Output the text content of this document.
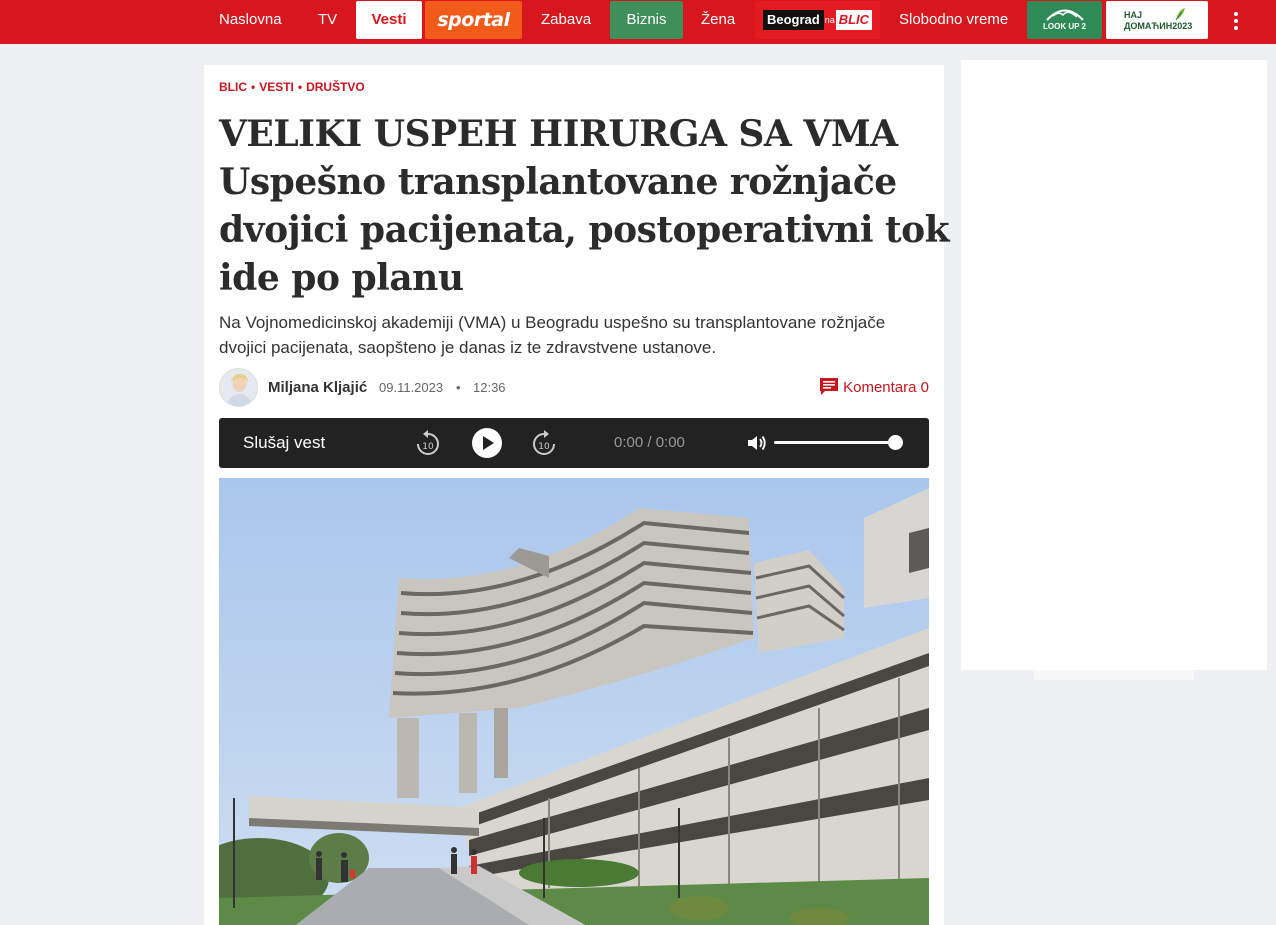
Naslovna TV	Vesti	sportal	Zabava	Biznis	Žena	Beograd na BLIC	Slobodno vreme	LOOK UP 2
НАЈ
ДОМАЋИН2023
BLIC • VESTI • DRUŠTVO
VELIKI USPEH HIRURGA SA VMA
Uspešno transplantovane rožnjače
dvojici pacijenata, postoperativni tok
ide po planu

Na Vojnomedicinskoj akademiji (VMA) u Beogradu uspešno su transplantovane rožnjače
dvojici pacijenata, saopšteno je danas iz te zdravstvene ustanove.

Miljana Kljajić 09.11.2023 • 12:36	Komentara 0
Slušaj vest	10	10	0:00 / 0:00
